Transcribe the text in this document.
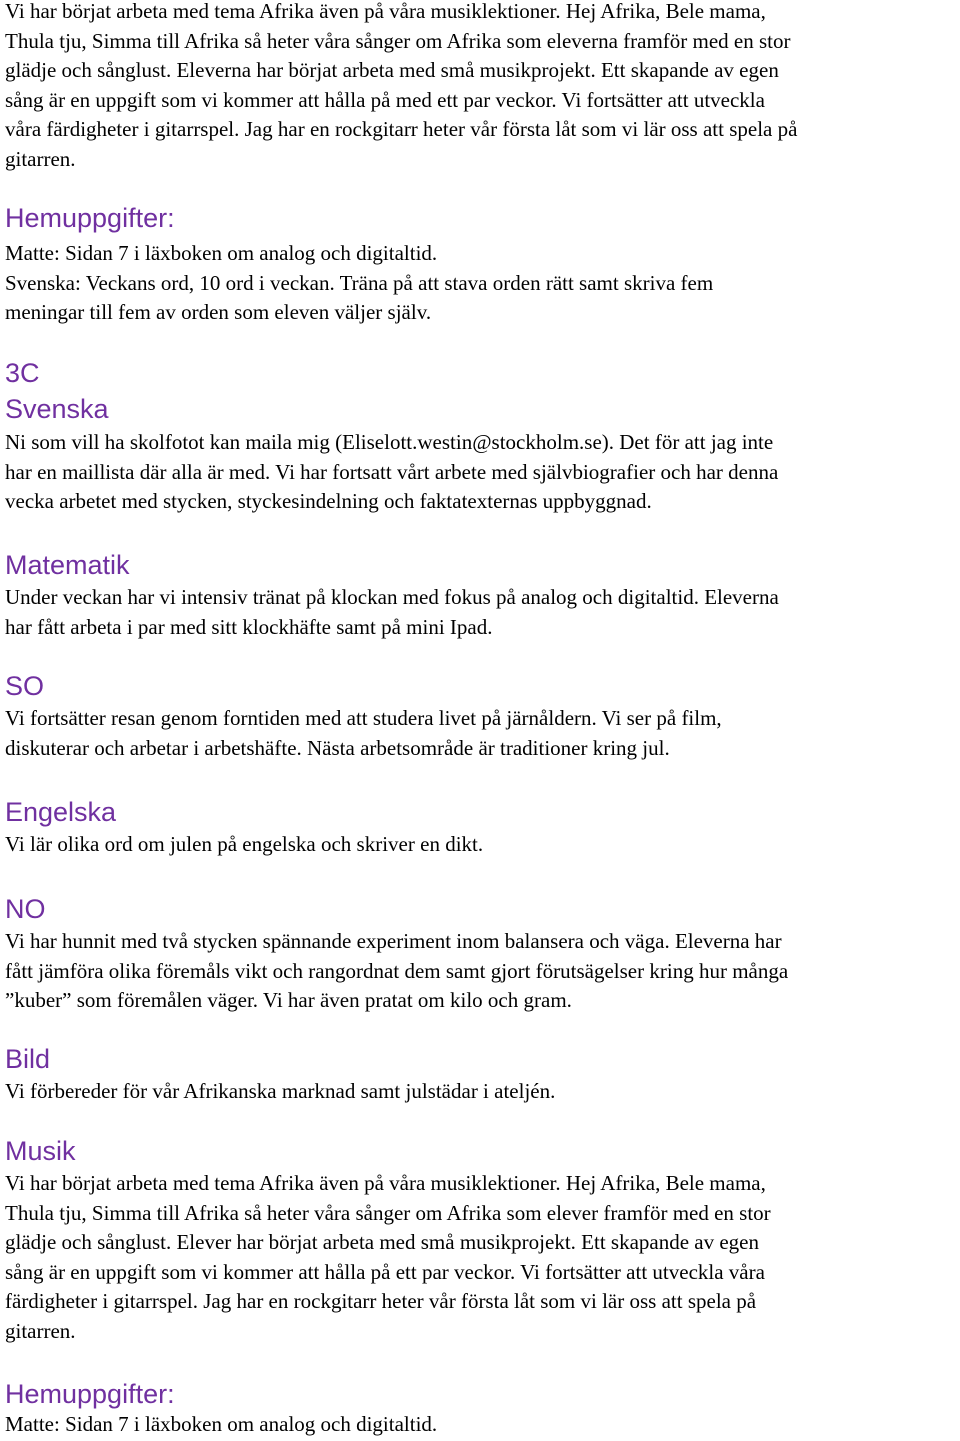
Vi har börjat arbeta med tema Afrika även på våra musiklektioner. Hej Afrika, Bele mama,
Thula tju, Simma till Afrika så heter våra sånger om Afrika som eleverna framför med en stor
glädje och sånglust. Eleverna har börjat arbeta med små musikprojekt. Ett skapande av egen
sång är en uppgift som vi kommer att hålla på med ett par veckor. Vi fortsätter att utveckla
våra färdigheter i gitarrspel. Jag har en rockgitarr heter vår första låt som vi lär oss att spela på
gitarren.

Hemuppgifter:

Matte: Sidan 7 i läxboken om analog och digitaltid.
Svenska: Veckans ord, 10 ord i veckan. Träna på att stava orden rätt samt skriva fem
meningar till fem av orden som eleven väljer själv.

3C
Svenska

Ni som vill ha skolfotot kan maila mig (Eliselott.westin@stockholm.se). Det för att jag inte
har en maillista där alla är med. Vi har fortsatt vårt arbete med självbiografier och har denna
vecka arbetet med stycken, styckesindelning och faktatexternas uppbyggnad.

Matematik

Under veckan har vi intensiv tränat på klockan med fokus på analog och digitaltid. Eleverna
har fått arbeta i par med sitt klockhäfte samt på mini Ipad.

SO

Vi fortsätter resan genom forntiden med att studera livet på järnåldern. Vi ser på film,
diskuterar och arbetar i arbetshäfte. Nästa arbetsområde är traditioner kring jul.

Engelska

Vi lär olika ord om julen på engelska och skriver en dikt.

NO

Vi har hunnit med två stycken spännande experiment inom balansera och väga. Eleverna har
fått jämföra olika föremåls vikt och rangordnat dem samt gjort förutsägelser kring hur många
”kuber” som föremålen väger. Vi har även pratat om kilo och gram.

Bild

Vi förbereder för vår Afrikanska marknad samt julstädar i ateljén.

Musik

Vi har börjat arbeta med tema Afrika även på våra musiklektioner. Hej Afrika, Bele mama,
Thula tju, Simma till Afrika så heter våra sånger om Afrika som elever framför med en stor
glädje och sånglust. Elever har börjat arbeta med små musikprojekt. Ett skapande av egen
sång är en uppgift som vi kommer att hålla på ett par veckor. Vi fortsätter att utveckla våra
färdigheter i gitarrspel. Jag har en rockgitarr heter vår första låt som vi lär oss att spela på
gitarren.

Hemuppgifter:

Matte: Sidan 7 i läxboken om analog och digitaltid.
